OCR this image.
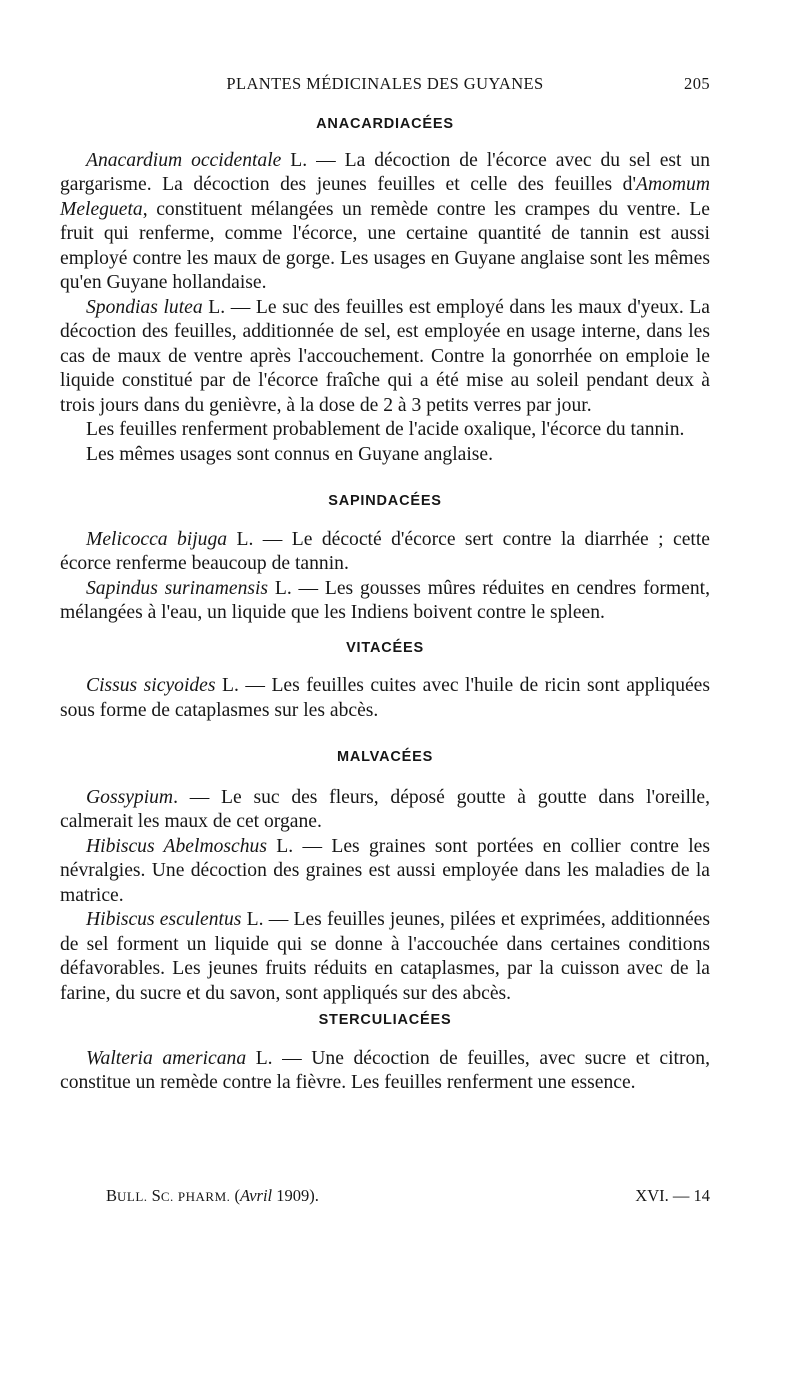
PLANTES MÉDICINALES DES GUYANES	205
ANACARDIACÉES

Anacardium occidentale L. — La décoction de l'écorce avec du sel est un gargarisme. La décoction des jeunes feuilles et celle des feuilles d'Amomum Melegueta, constituent mélangées un remède contre les crampes du ventre. Le fruit qui renferme, comme l'écorce, une certaine quantité de tannin est aussi employé contre les maux de gorge. Les usages en Guyane anglaise sont les mêmes qu'en Guyane hollandaise.

Spondias lutea L. — Le suc des feuilles est employé dans les maux d'yeux. La décoction des feuilles, additionnée de sel, est employée en usage interne, dans les cas de maux de ventre après l'accouchement. Contre la gonorrhée on emploie le liquide constitué par de l'écorce fraîche qui a été mise au soleil pendant deux à trois jours dans du genièvre, à la dose de 2 à 3 petits verres par jour.

Les feuilles renferment probablement de l'acide oxalique, l'écorce du tannin.

Les mêmes usages sont connus en Guyane anglaise.

SAPINDACÉES

Melicocca bijuga L. — Le décocté d'écorce sert contre la diarrhée ; cette écorce renferme beaucoup de tannin.

Sapindus surinamensis L. — Les gousses mûres réduites en cendres forment, mélangées à l'eau, un liquide que les Indiens boivent contre le spleen.

VITACÉES

Cissus sicyoides L. — Les feuilles cuites avec l'huile de ricin sont appliquées sous forme de cataplasmes sur les abcès.

MALVACÉES

Gossypium. — Le suc des fleurs, déposé goutte à goutte dans l'oreille, calmerait les maux de cet organe.

Hibiscus Abelmoschus L. — Les graines sont portées en collier contre les névralgies. Une décoction des graines est aussi employée dans les maladies de la matrice.

Hibiscus esculentus L. — Les feuilles jeunes, pilées et exprimées, additionnées de sel forment un liquide qui se donne à l'accouchée dans certaines conditions défavorables. Les jeunes fruits réduits en cataplasmes, par la cuisson avec de la farine, du sucre et du savon, sont appliqués sur des abcès.

STERCULIACÉES

Walteria americana L. — Une décoction de feuilles, avec sucre et citron, constitue un remède contre la fièvre. Les feuilles renferment une essence.

BULL. SC. PHARM. (Avril 1909).	XVI. — 14
